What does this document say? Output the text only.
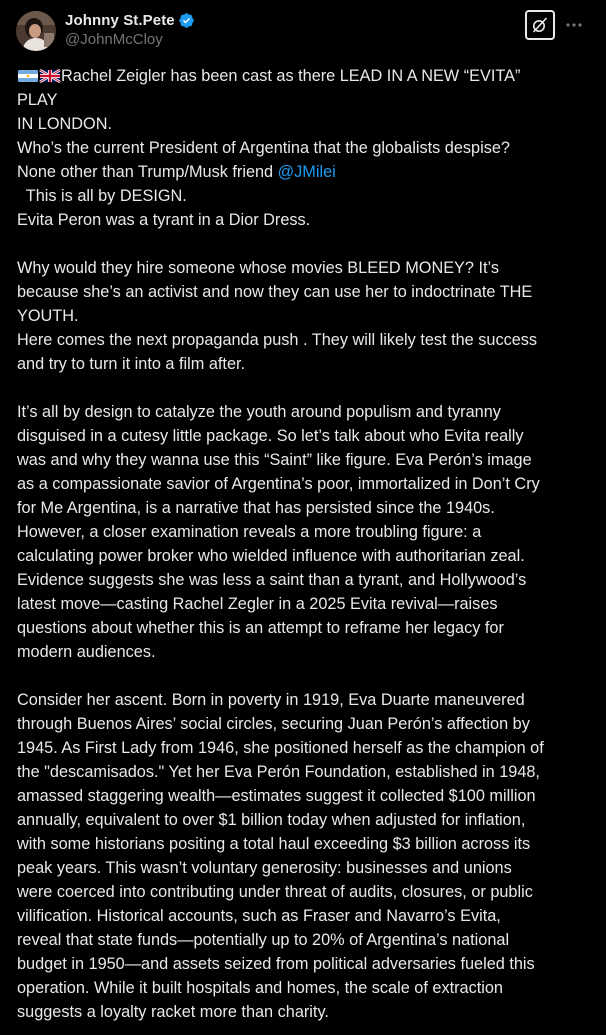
Johnny St.Pete
@JohnMcCloy
Rachel Zeigler has been cast as there LEAD IN A NEW “EVITA”
PLAY
IN LONDON.
Who’s the current President of Argentina that the globalists despise?
None other than Trump/Musk friend @JMilei
This is all by DESIGN.
Evita Peron was a tyrant in a Dior Dress.
Why would they hire someone whose movies BLEED MONEY? It’s
because she’s an activist and now they can use her to indoctrinate THE
YOUTH.
Here comes the next propaganda push . They will likely test the success
and try to turn it into a film after.
It’s all by design to catalyze the youth around populism and tyranny
disguised in a cutesy little package. So let’s talk about who Evita really
was and why they wanna use this “Saint” like figure. Eva Perón’s image
as a compassionate savior of Argentina’s poor, immortalized in Don’t Cry
for Me Argentina, is a narrative that has persisted since the 1940s.
However, a closer examination reveals a more troubling figure: a
calculating power broker who wielded influence with authoritarian zeal.
Evidence suggests she was less a saint than a tyrant, and Hollywood’s
latest move—casting Rachel Zegler in a 2025 Evita revival—raises
questions about whether this is an attempt to reframe her legacy for
modern audiences.
Consider her ascent. Born in poverty in 1919, Eva Duarte maneuvered
through Buenos Aires’ social circles, securing Juan Perón’s affection by
1945. As First Lady from 1946, she positioned herself as the champion of
the "descamisados." Yet her Eva Perón Foundation, established in 1948,
amassed staggering wealth—estimates suggest it collected $100 million
annually, equivalent to over $1 billion today when adjusted for inflation,
with some historians positing a total haul exceeding $3 billion across its
peak years. This wasn’t voluntary generosity: businesses and unions
were coerced into contributing under threat of audits, closures, or public
vilification. Historical accounts, such as Fraser and Navarro’s Evita,
reveal that state funds—potentially up to 20% of Argentina’s national
budget in 1950—and assets seized from political adversaries fueled this
operation. While it built hospitals and homes, the scale of extraction
suggests a loyalty racket more than charity.
